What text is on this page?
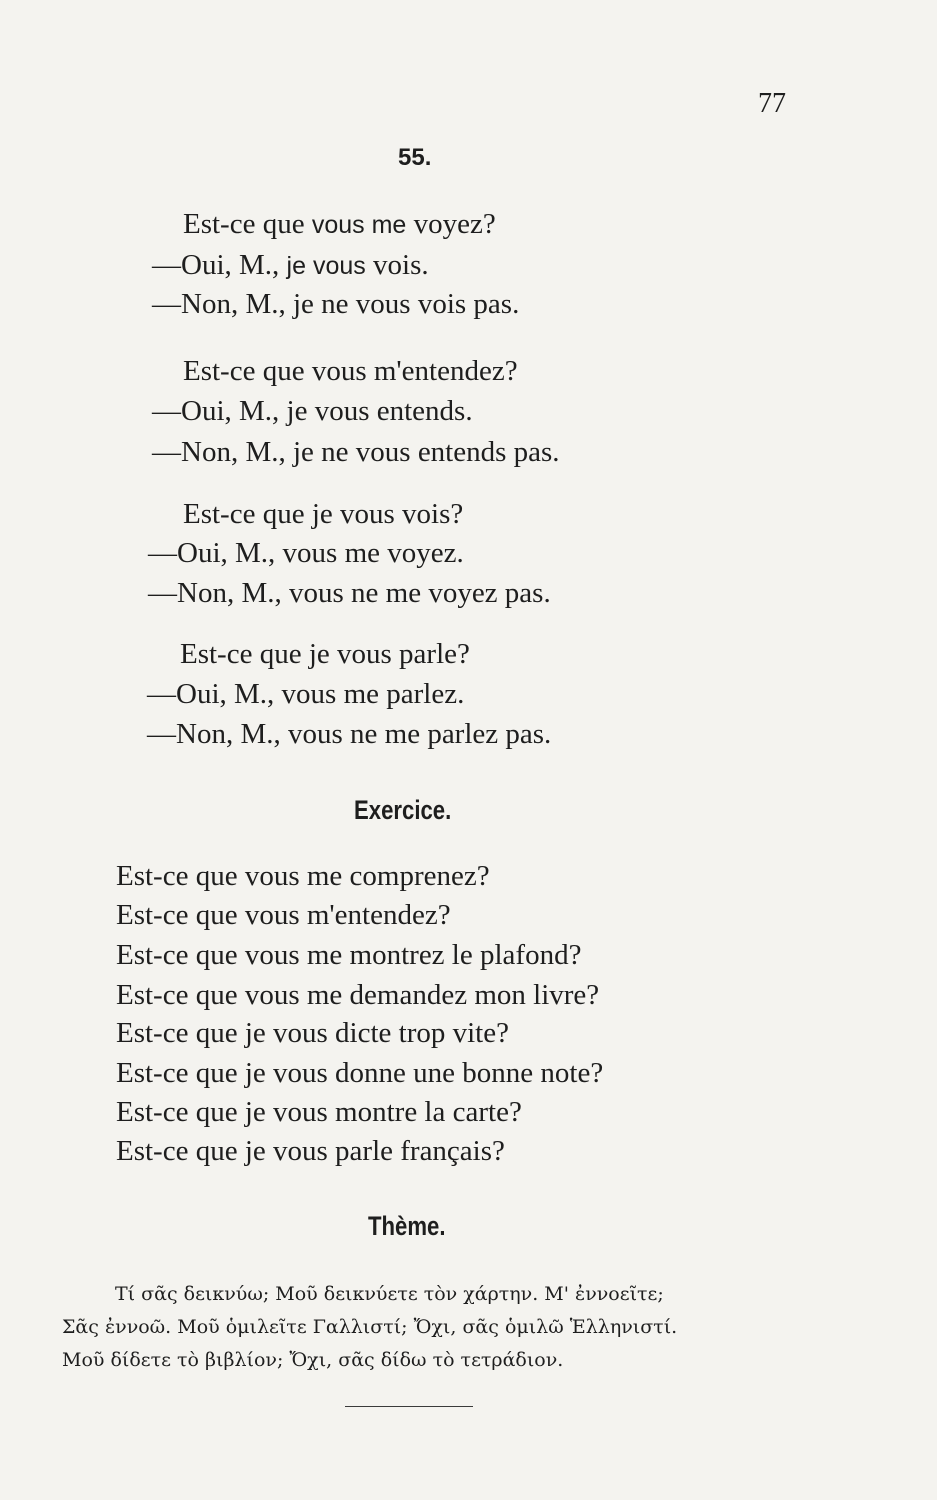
77
55.
Est-ce que vous me voyez?
—Oui, M., je vous vois.
—Non, M., je ne vous vois pas.
Est-ce que vous m'entendez?
—Oui, M., je vous entends.
—Non, M., je ne vous entends pas.
Est-ce que je vous vois?
—Oui, M., vous me voyez.
—Non, M., vous ne me voyez pas.
Est-ce que je vous parle?
—Oui, M., vous me parlez.
—Non, M., vous ne me parlez pas.
Exercice.
Est-ce que vous me comprenez?
Est-ce que vous m'entendez?
Est-ce que vous me montrez le plafond?
Est-ce que vous me demandez mon livre?
Est-ce que je vous dicte trop vite?
Est-ce que je vous donne une bonne note?
Est-ce que je vous montre la carte?
Est-ce que je vous parle français?
Thème.
Τί σᾶς δεικνύω; Μοῦ δεικνύετε τὸν χάρτην. Μ' ἐννοεῖτε;
Σᾶς ἐννοῶ. Μοῦ ὁμιλεῖτε Γαλλιστί; Ὄχι, σᾶς ὁμιλῶ Ἑλληνιστί.
Μοῦ δίδετε τὸ βιβλίον; Ὄχι, σᾶς δίδω τὸ τετράδιον.
